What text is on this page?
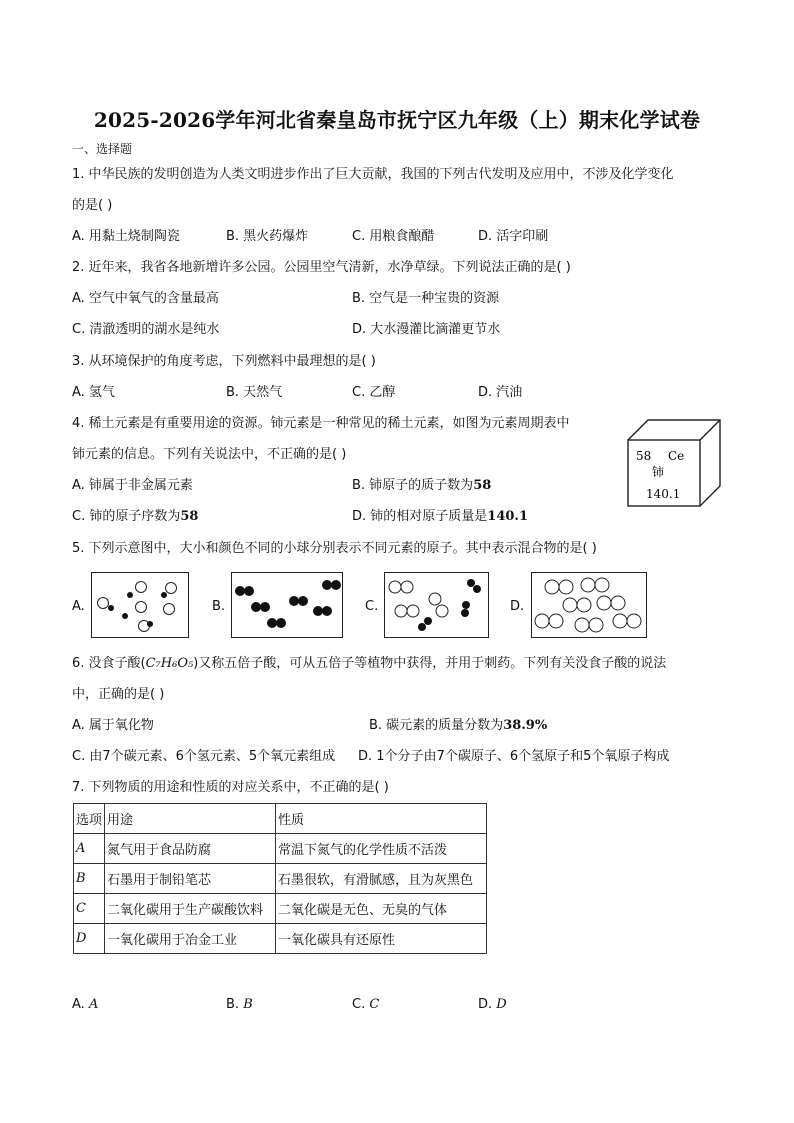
2025-2026学年河北省秦皇岛市抚宁区九年级（上）期末化学试卷
一、选择题
1. 中华民族的发明创造为人类文明进步作出了巨大贡献，我国的下列古代发明及应用中，不涉及化学变化
的是( )
A. 用黏土烧制陶瓷	B. 黑火药爆炸	C. 用粮食酿醋	D. 活字印刷
2. 近年来，我省各地新增许多公园。公园里空气清新，水净草绿。下列说法正确的是( )
A. 空气中氧气的含量最高	B. 空气是一种宝贵的资源
C. 清澈透明的湖水是纯水	D. 大水漫灌比滴灌更节水
3. 从环境保护的角度考虑，下列燃料中最理想的是( )
A. 氢气	B. 天然气	C. 乙醇	D. 汽油
4. 稀土元素是有重要用途的资源。铈元素是一种常见的稀土元素，如图为元素周期表中
铈元素的信息。下列有关说法中，不正确的是( )
A. 铈属于非金属元素	B. 铈原子的质子数为58
C. 铈的原子序数为58	D. 铈的相对原子质量是140.1
58 Ce
铈
140.1
5. 下列示意图中，大小和颜色不同的小球分别表示不同元素的原子。其中表示混合物的是( )
A.	B.	C.	D.
6. 没食子酸(C₇H₆O₅)又称五倍子酸，可从五倍子等植物中获得，并用于刺药。下列有关没食子酸的说法
中，正确的是( )
A. 属于氧化物	B. 碳元素的质量分数为38.9%
C. 由7个碳元素、6个氢元素、5个氧元素组成 D. 1个分子由7个碳原子、6个氢原子和5个氧原子构成
7. 下列物质的用途和性质的对应关系中，不正确的是( )
选项	用途	性质
A	氮气用于食品防腐	常温下氮气的化学性质不活泼
B	石墨用于制铅笔芯	石墨很软，有滑腻感，且为灰黑色
C	二氧化碳用于生产碳酸饮料	二氧化碳是无色、无臭的气体
D	一氧化碳用于冶金工业	一氧化碳具有还原性
A. A	B. B	C. C	D. D
